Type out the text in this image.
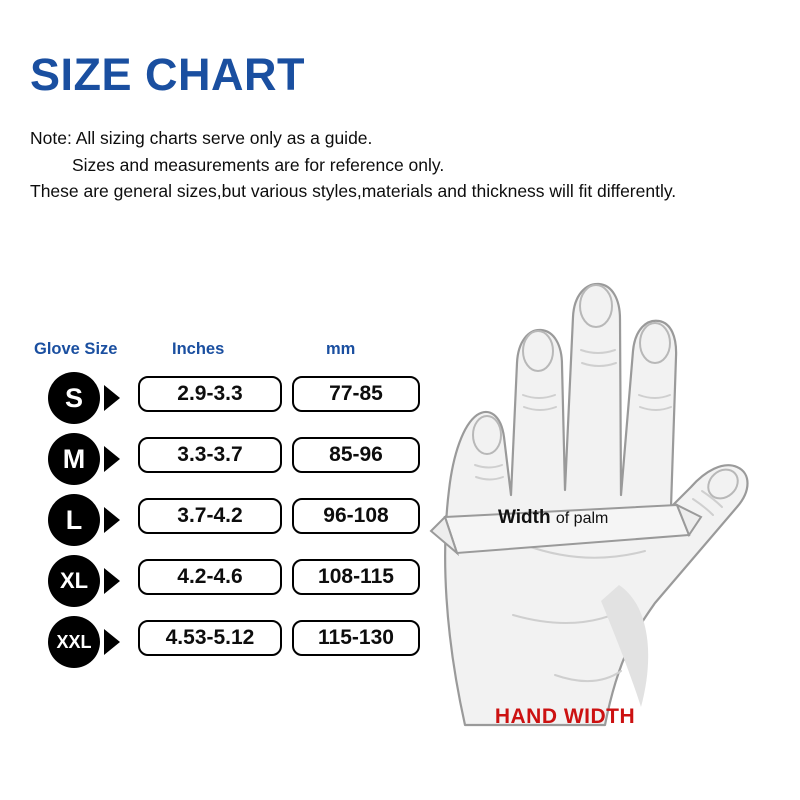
SIZE CHART
Note: All sizing charts serve only as a guide.
Sizes and measurements are for reference only.
These are general sizes,but various styles,materials and thickness will fit differently.
Glove Size	Inches	mm
S	2.9-3.3	77-85
M	3.3-3.7	85-96
L	3.7-4.2	96-108
XL	4.2-4.6	108-115
XXL	4.53-5.12	115-130
Width of palm
HAND WIDTH
